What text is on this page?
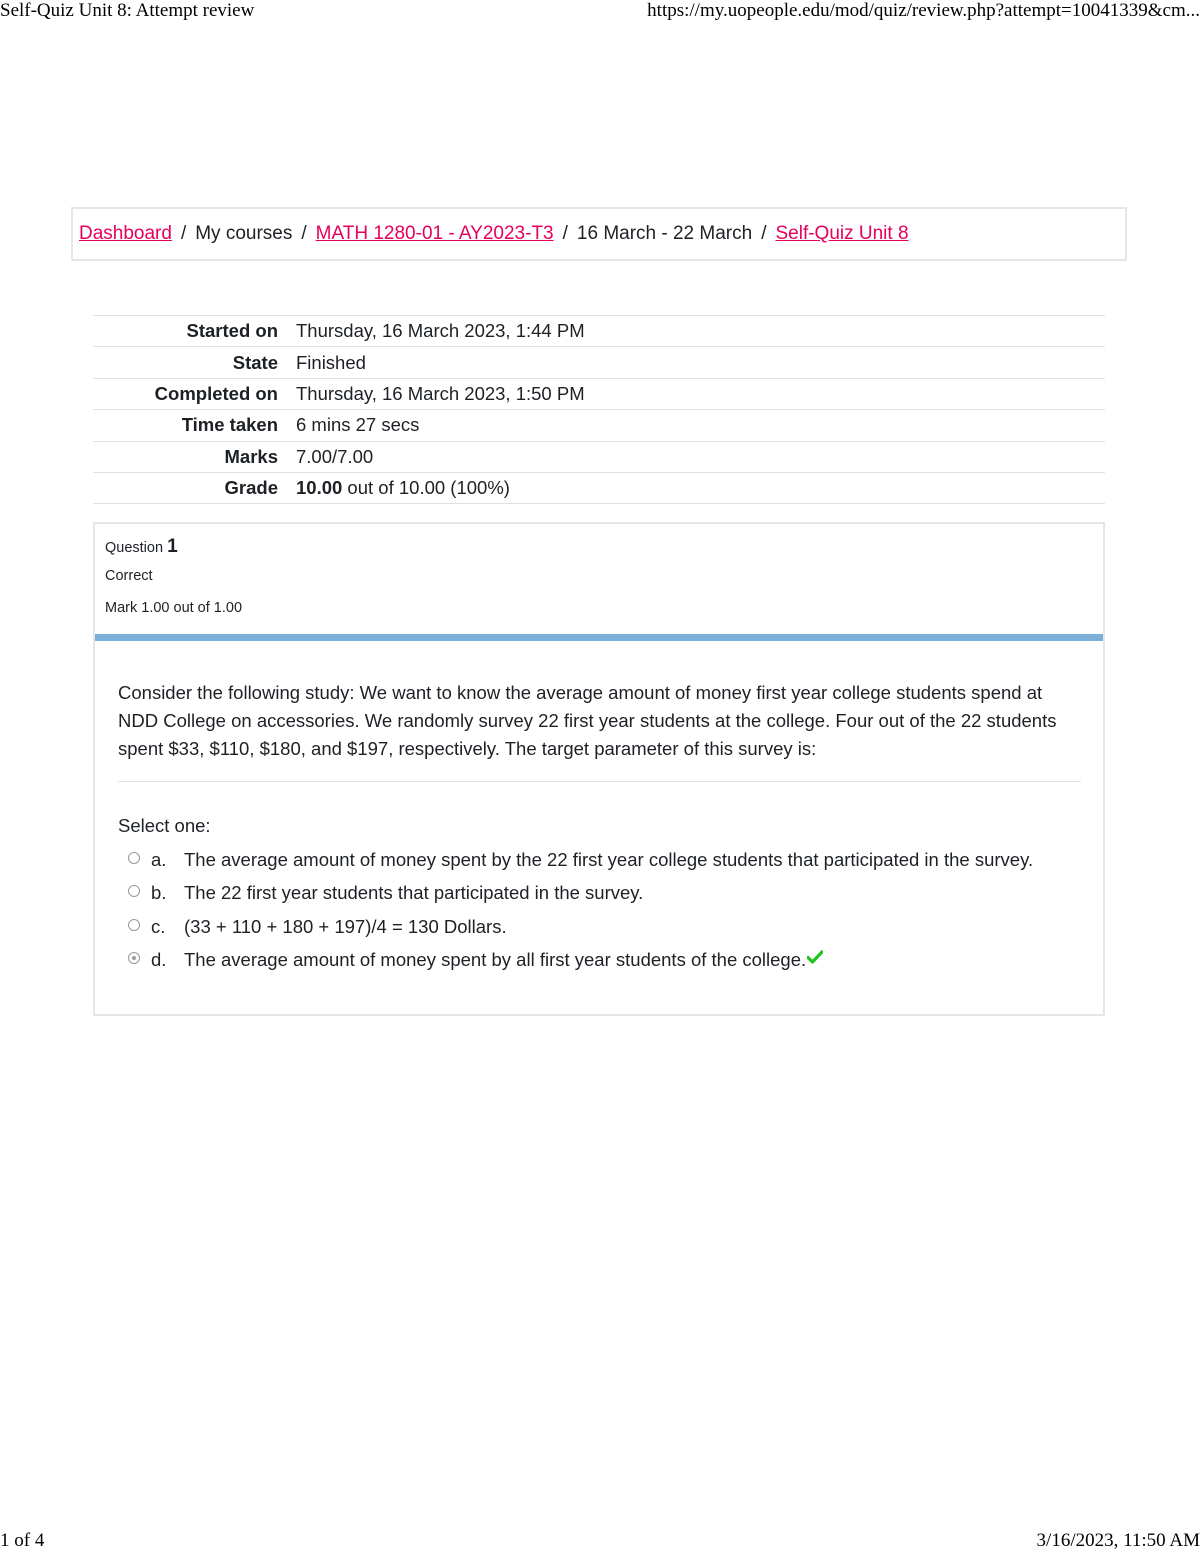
Self-Quiz Unit 8: Attempt review	https://my.uopeople.edu/mod/quiz/review.php?attempt=10041339&cm...
Dashboard / My courses / MATH 1280-01 - AY2023-T3 / 16 March - 22 March / Self-Quiz Unit 8
Started on	Thursday, 16 March 2023, 1:44 PM
State	Finished
Completed on	Thursday, 16 March 2023, 1:50 PM
Time taken	6 mins 27 secs
Marks	7.00/7.00
Grade	10.00 out of 10.00 (100%)
Question 1
Correct
Mark 1.00 out of 1.00

Consider the following study: We want to know the average amount of money first year college students spend at NDD College on accessories. We randomly survey 22 first year students at the college. Four out of the 22 students spent $33, $110, $180, and $197, respectively. The target parameter of this survey is:

Select one:
a. The average amount of money spent by the 22 first year college students that participated in the survey.
b. The 22 first year students that participated in the survey.
c.	(33 + 110 + 180 + 197)/4 = 130 Dollars.
d. The average amount of money spent by all first year students of the college.
1 of 4	3/16/2023, 11:50 AM
